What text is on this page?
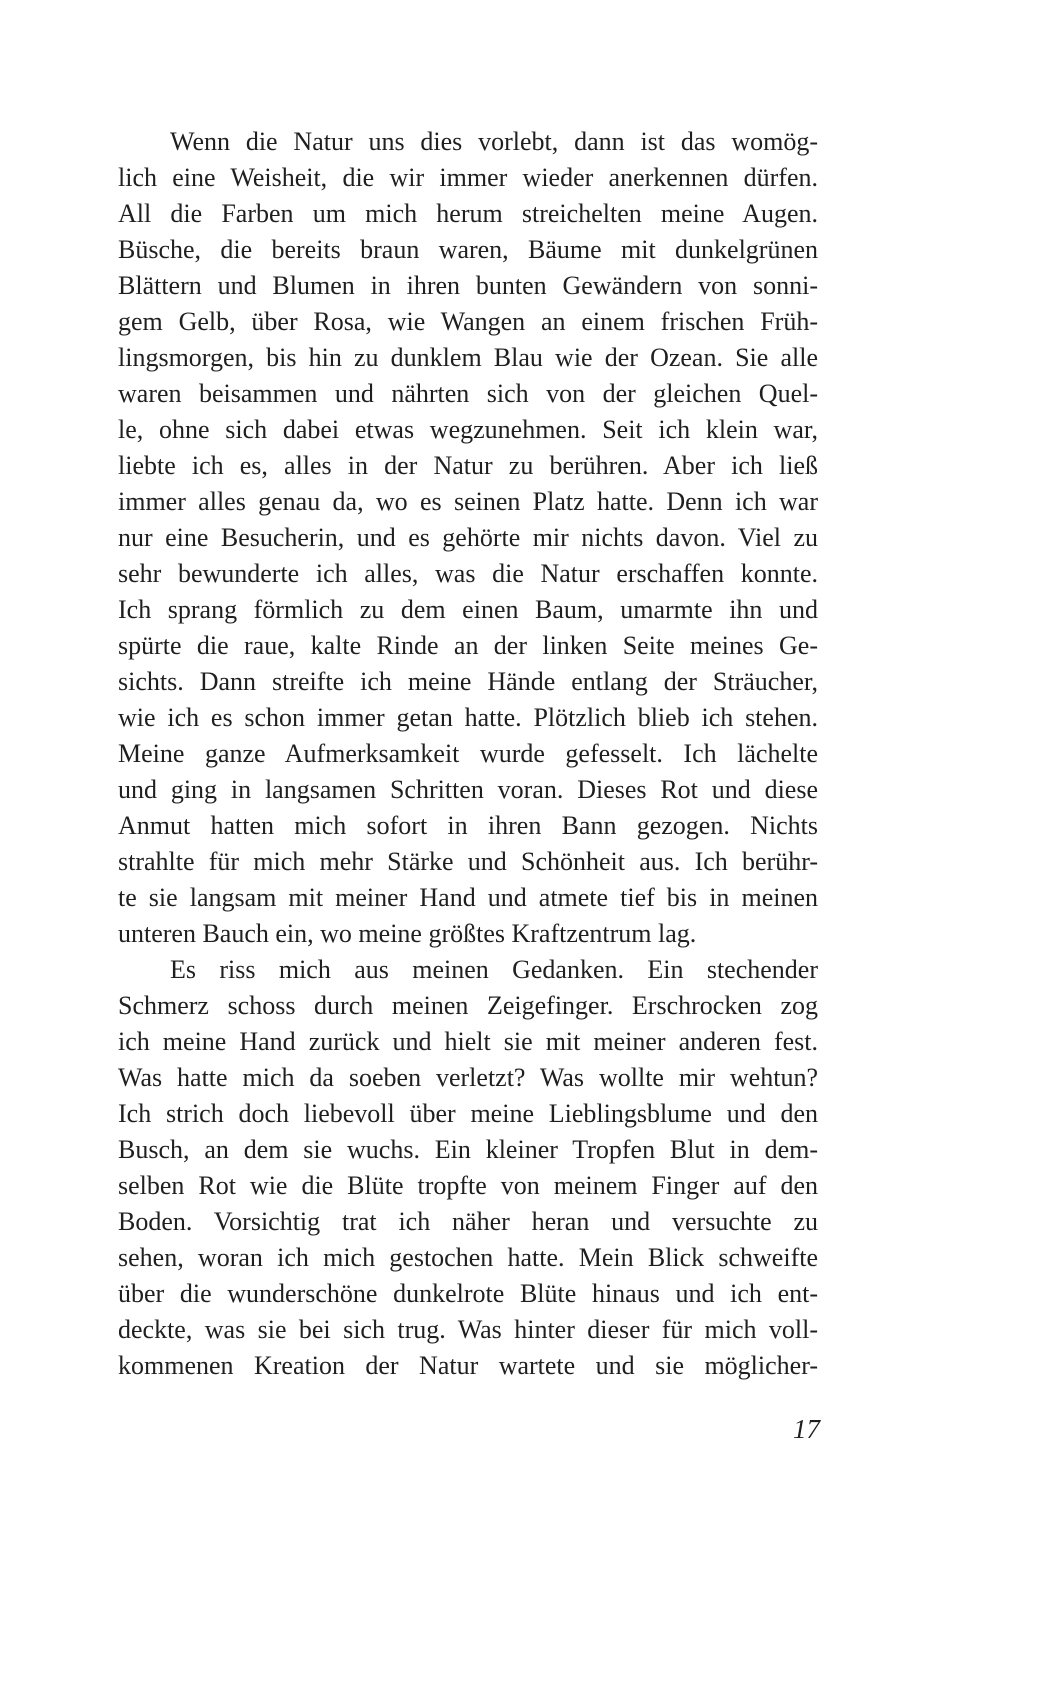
Wenn die Natur uns dies vorlebt, dann ist das womög-
lich eine Weisheit, die wir immer wieder anerkennen dürfen.
All die Farben um mich herum streichelten meine Augen.
Büsche, die bereits braun waren, Bäume mit dunkelgrünen
Blättern und Blumen in ihren bunten Gewändern von sonni-
gem Gelb, über Rosa, wie Wangen an einem frischen Früh-
lingsmorgen, bis hin zu dunklem Blau wie der Ozean. Sie alle
waren beisammen und nährten sich von der gleichen Quel-
le, ohne sich dabei etwas wegzunehmen. Seit ich klein war,
liebte ich es, alles in der Natur zu berühren. Aber ich ließ
immer alles genau da, wo es seinen Platz hatte. Denn ich war
nur eine Besucherin, und es gehörte mir nichts davon. Viel zu
sehr bewunderte ich alles, was die Natur erschaffen konnte.
Ich sprang förmlich zu dem einen Baum, umarmte ihn und
spürte die raue, kalte Rinde an der linken Seite meines Ge-
sichts. Dann streifte ich meine Hände entlang der Sträucher,
wie ich es schon immer getan hatte. Plötzlich blieb ich stehen.
Meine ganze Aufmerksamkeit wurde gefesselt. Ich lächelte
und ging in langsamen Schritten voran. Dieses Rot und diese
Anmut hatten mich sofort in ihren Bann gezogen. Nichts
strahlte für mich mehr Stärke und Schönheit aus. Ich berühr-
te sie langsam mit meiner Hand und atmete tief bis in meinen
unteren Bauch ein, wo meine größtes Kraftzentrum lag.
Es riss mich aus meinen Gedanken. Ein stechender
Schmerz schoss durch meinen Zeigefinger. Erschrocken zog
ich meine Hand zurück und hielt sie mit meiner anderen fest.
Was hatte mich da soeben verletzt? Was wollte mir wehtun?
Ich strich doch liebevoll über meine Lieblingsblume und den
Busch, an dem sie wuchs. Ein kleiner Tropfen Blut in dem-
selben Rot wie die Blüte tropfte von meinem Finger auf den
Boden. Vorsichtig trat ich näher heran und versuchte zu
sehen, woran ich mich gestochen hatte. Mein Blick schweifte
über die wunderschöne dunkelrote Blüte hinaus und ich ent-
deckte, was sie bei sich trug. Was hinter dieser für mich voll-
kommenen Kreation der Natur wartete und sie möglicher-
17
